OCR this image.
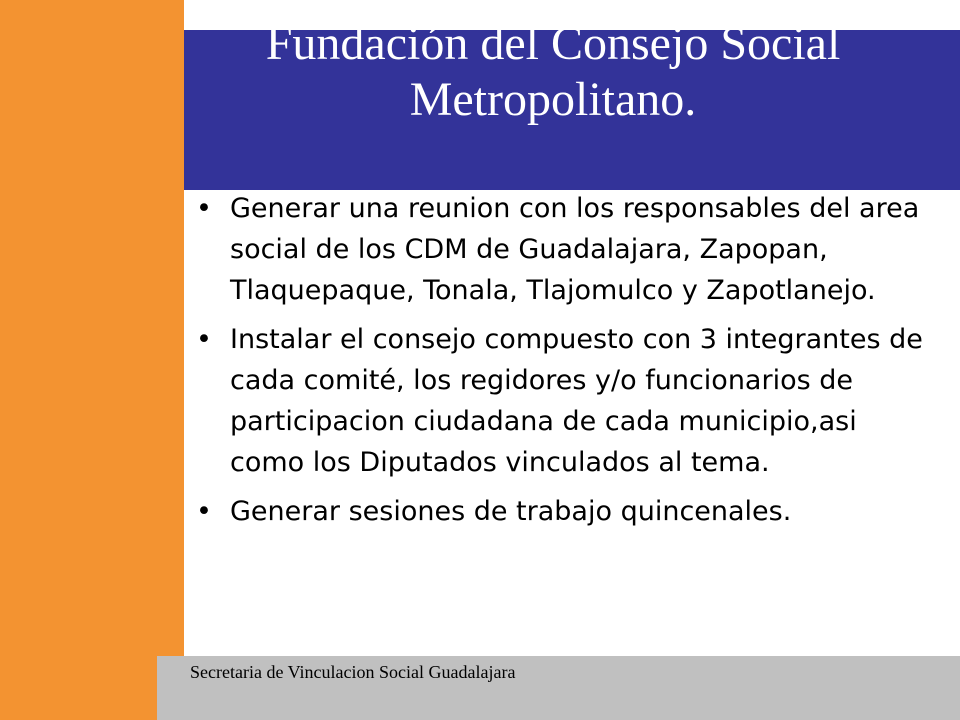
Fundación del Consejo Social Metropolitano.
• Generar una reunion con los responsables del area social de los CDM de Guadalajara, Zapopan, Tlaquepaque, Tonala, Tlajomulco y Zapotlanejo.
• Instalar el consejo compuesto con 3 integrantes de cada comité, los regidores y/o funcionarios de participacion ciudadana de cada municipio,asi como los Diputados vinculados al tema.
• Generar sesiones de trabajo quincenales.

Secretaria de Vinculacion Social Guadalajara
